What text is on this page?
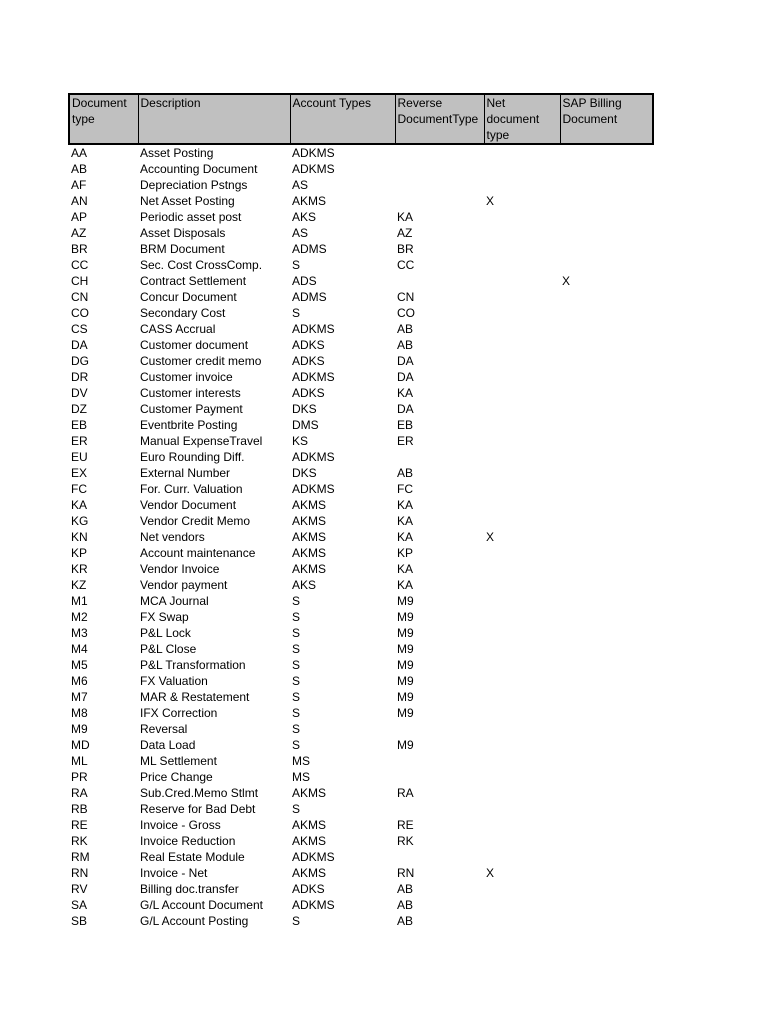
Document type	Description	Account Types	Reverse DocumentType	Net document type	SAP Billing Document
AA	Asset Posting	ADKMS			
AB	Accounting Document	ADKMS			
AF	Depreciation Pstngs	AS			
AN	Net Asset Posting	AKMS		X	
AP	Periodic asset post	AKS	KA		
AZ	Asset Disposals	AS	AZ		
BR	BRM Document	ADMS	BR		
CC	Sec. Cost CrossComp.	S	CC		
CH	Contract Settlement	ADS			X
CN	Concur Document	ADMS	CN		
CO	Secondary Cost	S	CO		
CS	CASS Accrual	ADKMS	AB		
DA	Customer document	ADKS	AB		
DG	Customer credit memo	ADKS	DA		
DR	Customer invoice	ADKMS	DA		
DV	Customer interests	ADKS	KA		
DZ	Customer Payment	DKS	DA		
EB	Eventbrite Posting	DMS	EB		
ER	Manual ExpenseTravel	KS	ER		
EU	Euro Rounding Diff.	ADKMS			
EX	External Number	DKS	AB		
FC	For. Curr. Valuation	ADKMS	FC		
KA	Vendor Document	AKMS	KA		
KG	Vendor Credit Memo	AKMS	KA		
KN	Net vendors	AKMS	KA	X	
KP	Account maintenance	AKMS	KP		
KR	Vendor Invoice	AKMS	KA		
KZ	Vendor payment	AKS	KA		
M1	MCA Journal	S	M9		
M2	FX Swap	S	M9		
M3	P&L Lock	S	M9		
M4	P&L Close	S	M9		
M5	P&L Transformation	S	M9		
M6	FX Valuation	S	M9		
M7	MAR & Restatement	S	M9		
M8	IFX Correction	S	M9		
M9	Reversal	S			
MD	Data Load	S	M9		
ML	ML Settlement	MS			
PR	Price Change	MS			
RA	Sub.Cred.Memo Stlmt	AKMS	RA		
RB	Reserve for Bad Debt	S			
RE	Invoice - Gross	AKMS	RE		
RK	Invoice Reduction	AKMS	RK		
RM	Real Estate Module	ADKMS			
RN	Invoice - Net	AKMS	RN	X	
RV	Billing doc.transfer	ADKS	AB		
SA	G/L Account Document	ADKMS	AB		
SB	G/L Account Posting	S	AB		
